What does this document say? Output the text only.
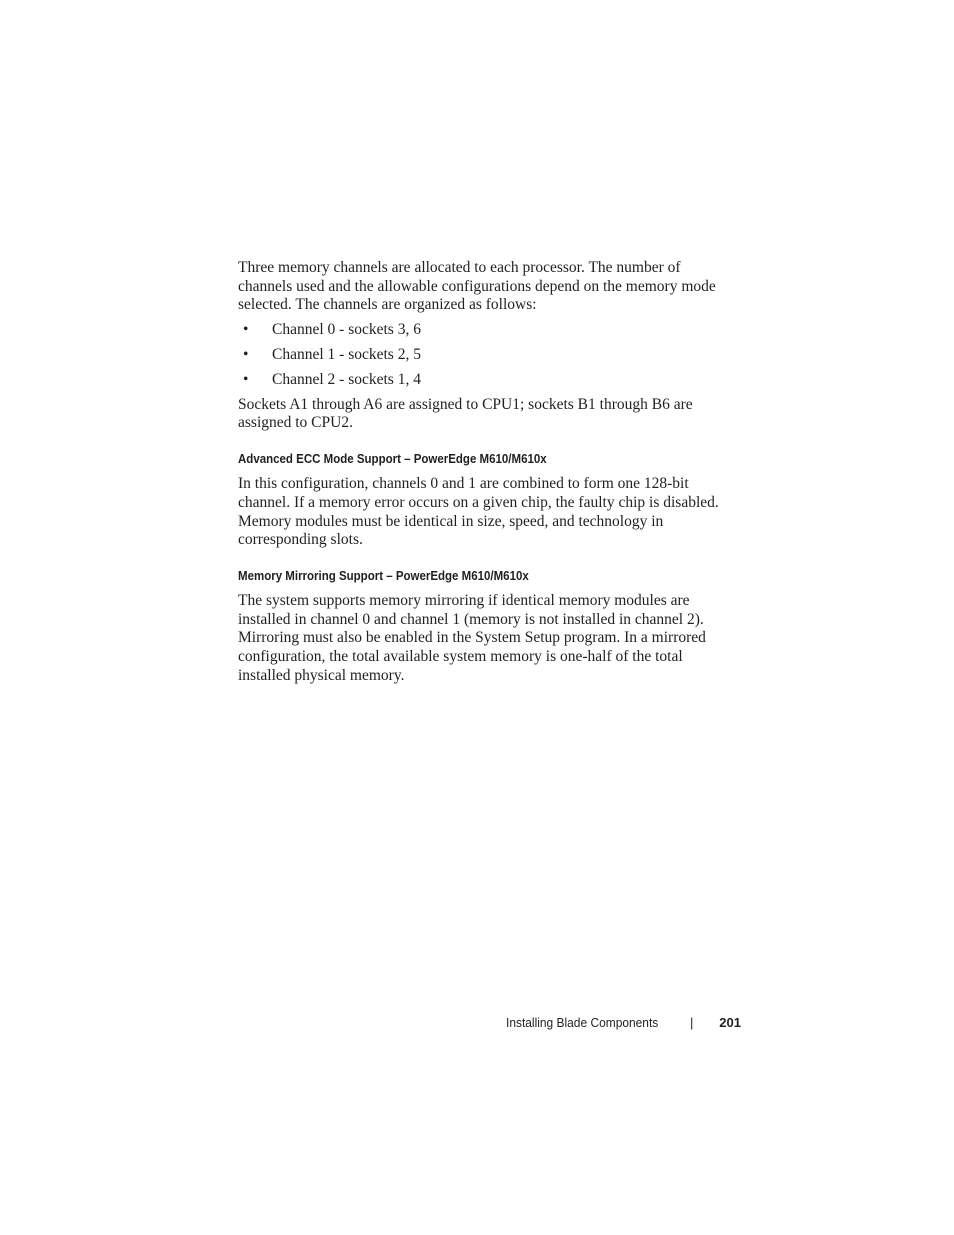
Three memory channels are allocated to each processor. The number of channels used and the allowable configurations depend on the memory mode selected. The channels are organized as follows:

• Channel 0 - sockets 3, 6
• Channel 1 - sockets 2, 5
• Channel 2 - sockets 1, 4

Sockets A1 through A6 are assigned to CPU1; sockets B1 through B6 are assigned to CPU2.

Advanced ECC Mode Support – PowerEdge M610/M610x

In this configuration, channels 0 and 1 are combined to form one 128-bit channel. If a memory error occurs on a given chip, the faulty chip is disabled. Memory modules must be identical in size, speed, and technology in corresponding slots.

Memory Mirroring Support – PowerEdge M610/M610x

The system supports memory mirroring if identical memory modules are installed in channel 0 and channel 1 (memory is not installed in channel 2). Mirroring must also be enabled in the System Setup program. In a mirrored configuration, the total available system memory is one-half of the total installed physical memory.

Installing Blade Components | 201
